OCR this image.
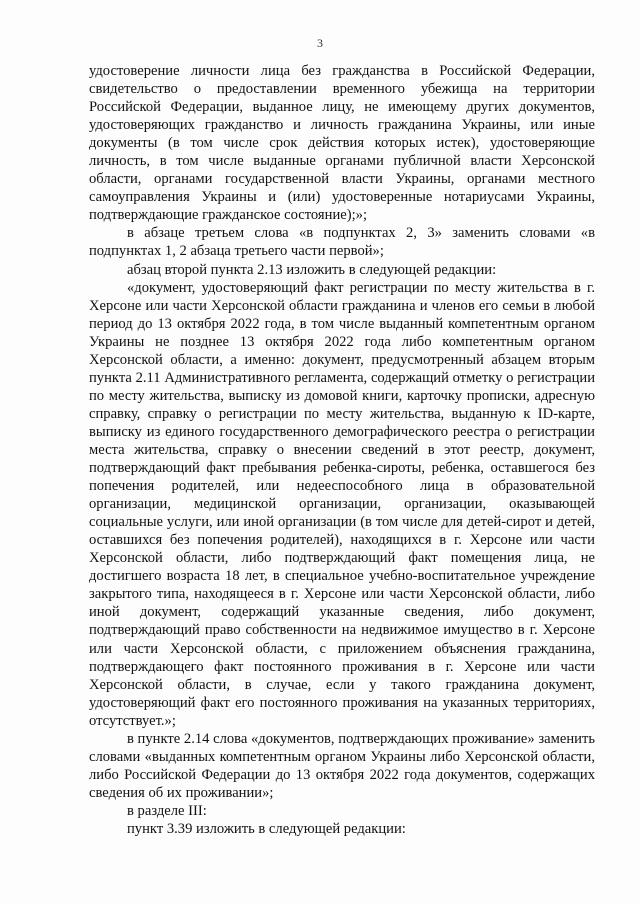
3

удостоверение личности лица без гражданства в Российской Федерации, свидетельство о предоставлении временного убежища на территории Российской Федерации, выданное лицу, не имеющему других документов, удостоверяющих гражданство и личность гражданина Украины, или иные документы (в том числе срок действия которых истек), удостоверяющие личность, в том числе выданные органами публичной власти Херсонской области, органами государственной власти Украины, органами местного самоуправления Украины и (или) удостоверенные нотариусами Украины, подтверждающие гражданское состояние);»;

в абзаце третьем слова «в подпунктах 2, 3» заменить словами «в подпунктах 1, 2 абзаца третьего части первой»;

абзац второй пункта 2.13 изложить в следующей редакции:

«документ, удостоверяющий факт регистрации по месту жительства в г. Херсоне или части Херсонской области гражданина и членов его семьи в любой период до 13 октября 2022 года, в том числе выданный компетентным органом Украины не позднее 13 октября 2022 года либо компетентным органом Херсонской области, а именно: документ, предусмотренный абзацем вторым пункта 2.11 Административного регламента, содержащий отметку о регистрации по месту жительства, выписку из домовой книги, карточку прописки, адресную справку, справку о регистрации по месту жительства, выданную к ID-карте, выписку из единого государственного демографического реестра о регистрации места жительства, справку о внесении сведений в этот реестр, документ, подтверждающий факт пребывания ребенка-сироты, ребенка, оставшегося без попечения родителей, или недееспособного лица в образовательной организации, медицинской организации, организации, оказывающей социальные услуги, или иной организации (в том числе для детей-сирот и детей, оставшихся без попечения родителей), находящихся в г. Херсоне или части Херсонской области, либо подтверждающий факт помещения лица, не достигшего возраста 18 лет, в специальное учебно-воспитательное учреждение закрытого типа, находящееся в г. Херсоне или части Херсонской области, либо иной документ, содержащий указанные сведения, либо документ, подтверждающий право собственности на недвижимое имущество в г. Херсоне или части Херсонской области, с приложением объяснения гражданина, подтверждающего факт постоянного проживания в г. Херсоне или части Херсонской области, в случае, если у такого гражданина документ, удостоверяющий факт его постоянного проживания на указанных территориях, отсутствует.»;

в пункте 2.14 слова «документов, подтверждающих проживание» заменить словами «выданных компетентным органом Украины либо Херсонской области, либо Российской Федерации до 13 октября 2022 года документов, содержащих сведения об их проживании»;

в разделе III:

пункт 3.39 изложить в следующей редакции:
